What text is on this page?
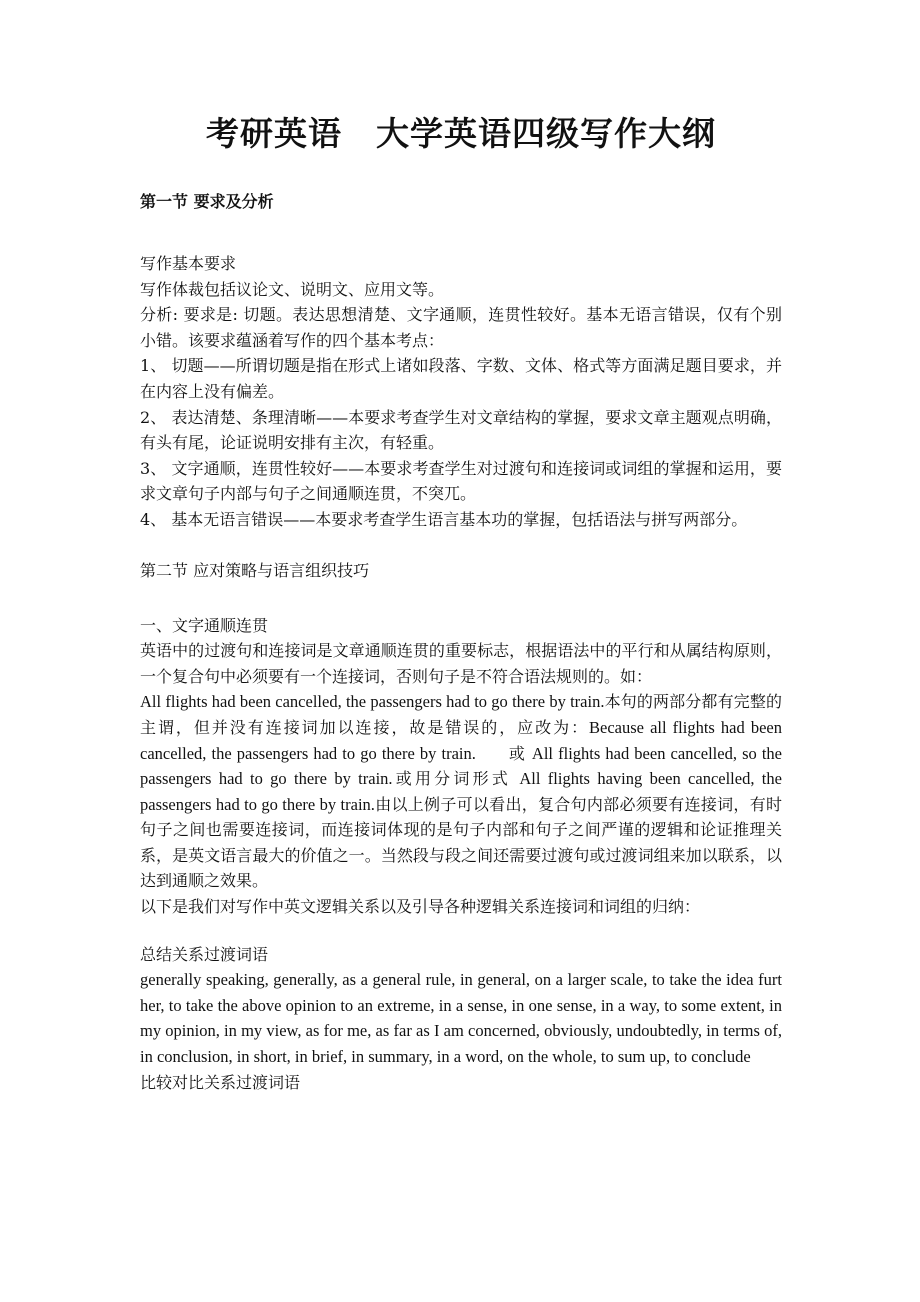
考研英语　大学英语四级写作大纲
第一节 要求及分析

写作基本要求

写作体裁包括议论文、说明文、应用文等。

分析: 要求是: 切题。表达思想清楚、文字通顺，连贯性较好。基本无语言错误，仅有个别小错。该要求蕴涵着写作的四个基本考点：

1、 切题——所谓切题是指在形式上诸如段落、字数、文体、格式等方面满足题目要求，并在内容上没有偏差。

2、 表达清楚、条理清晰——本要求考查学生对文章结构的掌握，要求文章主题观点明确，有头有尾，论证说明安排有主次，有轻重。

3、 文字通顺，连贯性较好——本要求考查学生对过渡句和连接词或词组的掌握和运用，要求文章句子内部与句子之间通顺连贯，不突兀。

4、 基本无语言错误——本要求考查学生语言基本功的掌握，包括语法与拼写两部分。

第二节 应对策略与语言组织技巧

一、文字通顺连贯

英语中的过渡句和连接词是文章通顺连贯的重要标志，根据语法中的平行和从属结构原则，一个复合句中必须要有一个连接词，否则句子是不符合语法规则的。如：

All flights had been cancelled, the passengers had to go there by train.本句的两部分都有完整的主谓，但并没有连接词加以连接，故是错误的，应改为：Because all flights had been cancelled, the passengers had to go there by train.   或 All flights had been cancelled, so the passengers had to go there by train.或用分词形式 All flights having been cancelled, the passengers had to go there by train.由以上例子可以看出，复合句内部必须要有连接词，有时句子之间也需要连接词，而连接词体现的是句子内部和句子之间严谨的逻辑和论证推理关系，是英文语言最大的价值之一。当然段与段之间还需要过渡句或过渡词组来加以联系，以达到通顺之效果。

以下是我们对写作中英文逻辑关系以及引导各种逻辑关系连接词和词组的归纳：

总结关系过渡词语

generally speaking, generally, as a general rule, in general, on a larger scale, to take the idea further, to take the above opinion to an extreme, in a sense, in one sense, in a way, to some extent, in my opinion, in my view, as for me, as far as I am concerned, obviously, undoubtedly, in terms of, in conclusion, in short, in brief, in summary, in a word, on the whole, to sum up, to conclude

比较对比关系过渡词语
